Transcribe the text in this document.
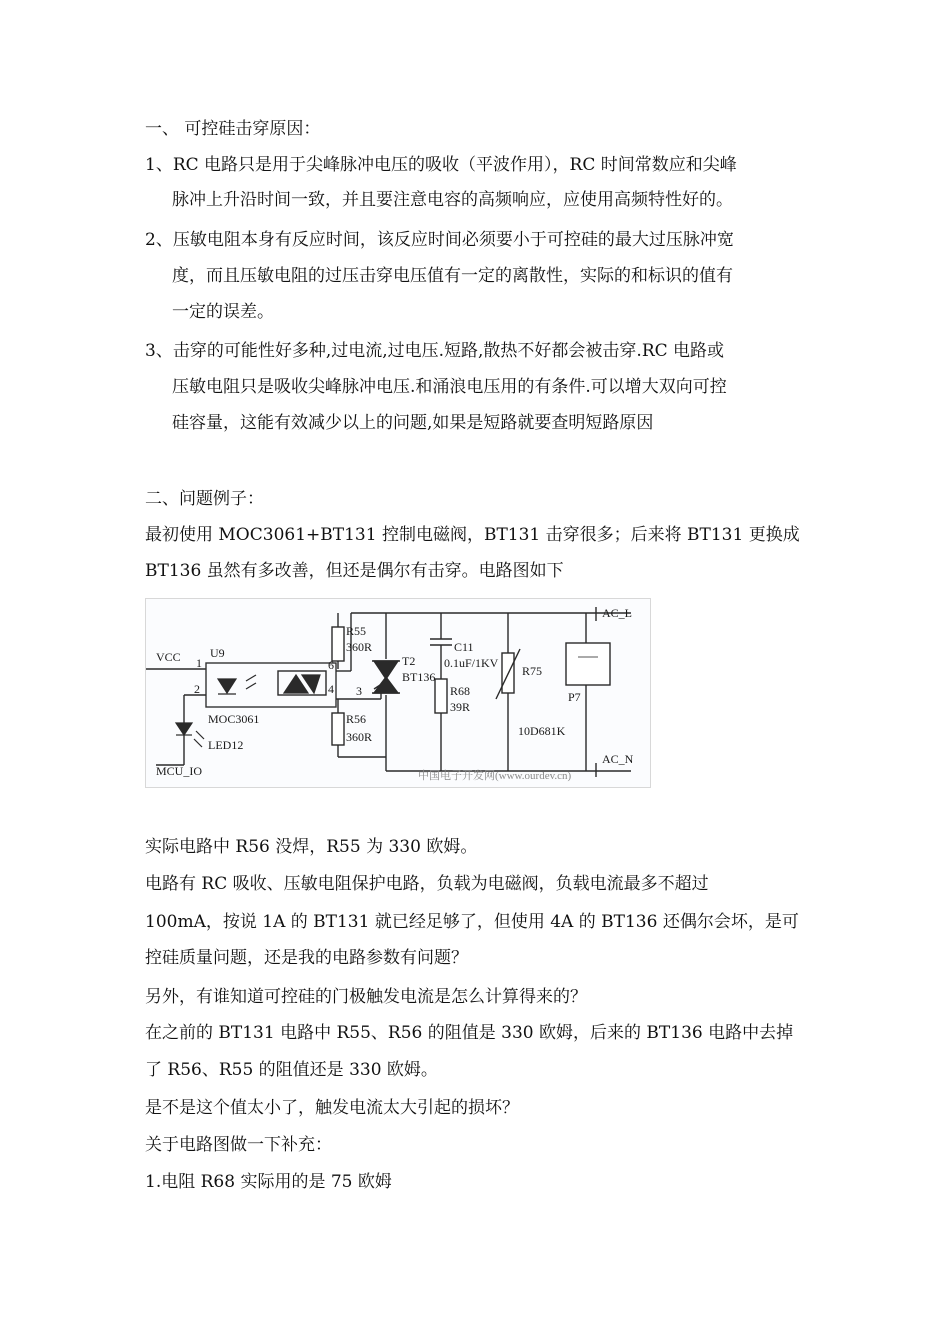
一、 可控硅击穿原因：
1、RC 电路只是用于尖峰脉冲电压的吸收（平波作用），RC 时间常数应和尖峰
脉冲上升沿时间一致，并且要注意电容的高频响应，应使用高频特性好的。
2、压敏电阻本身有反应时间，该反应时间必须要小于可控硅的最大过压脉冲宽
度，而且压敏电阻的过压击穿电压值有一定的离散性，实际的和标识的值有
一定的误差。
3、击穿的可能性好多种,过电流,过电压.短路,散热不好都会被击穿.RC 电路或
压敏电阻只是吸收尖峰脉冲电压.和涌浪电压用的有条件.可以增大双向可控
硅容量，这能有效减少以上的问题,如果是短路就要查明短路原因
二、问题例子：
最初使用 MOC3061+BT131 控制电磁阀，BT131 击穿很多；后来将 BT131 更换成
BT136 虽然有多改善，但还是偶尔有击穿。电路图如下
VCC U9
MOC3061
LED12
MCU_IO
1
2	4
6
3
R55
360R
R56
360R
T2
BT136
C11
0.1uF/1KV
R68
39R
R75
10D681K
P7
AC_L
AC_N
中国电子开发网(www.ourdev.cn)
实际电路中 R56 没焊，R55 为 330 欧姆。
电路有 RC 吸收、压敏电阻保护电路，负载为电磁阀，负载电流最多不超过
100mA，按说 1A 的 BT131 就已经足够了，但使用 4A 的 BT136 还偶尔会坏，是可
控硅质量问题，还是我的电路参数有问题？
另外，有谁知道可控硅的门极触发电流是怎么计算得来的？
在之前的 BT131 电路中 R55、R56 的阻值是 330 欧姆，后来的 BT136 电路中去掉
了 R56、R55 的阻值还是 330 欧姆。
是不是这个值太小了，触发电流太大引起的损坏？
关于电路图做一下补充：
1.电阻 R68 实际用的是 75 欧姆
